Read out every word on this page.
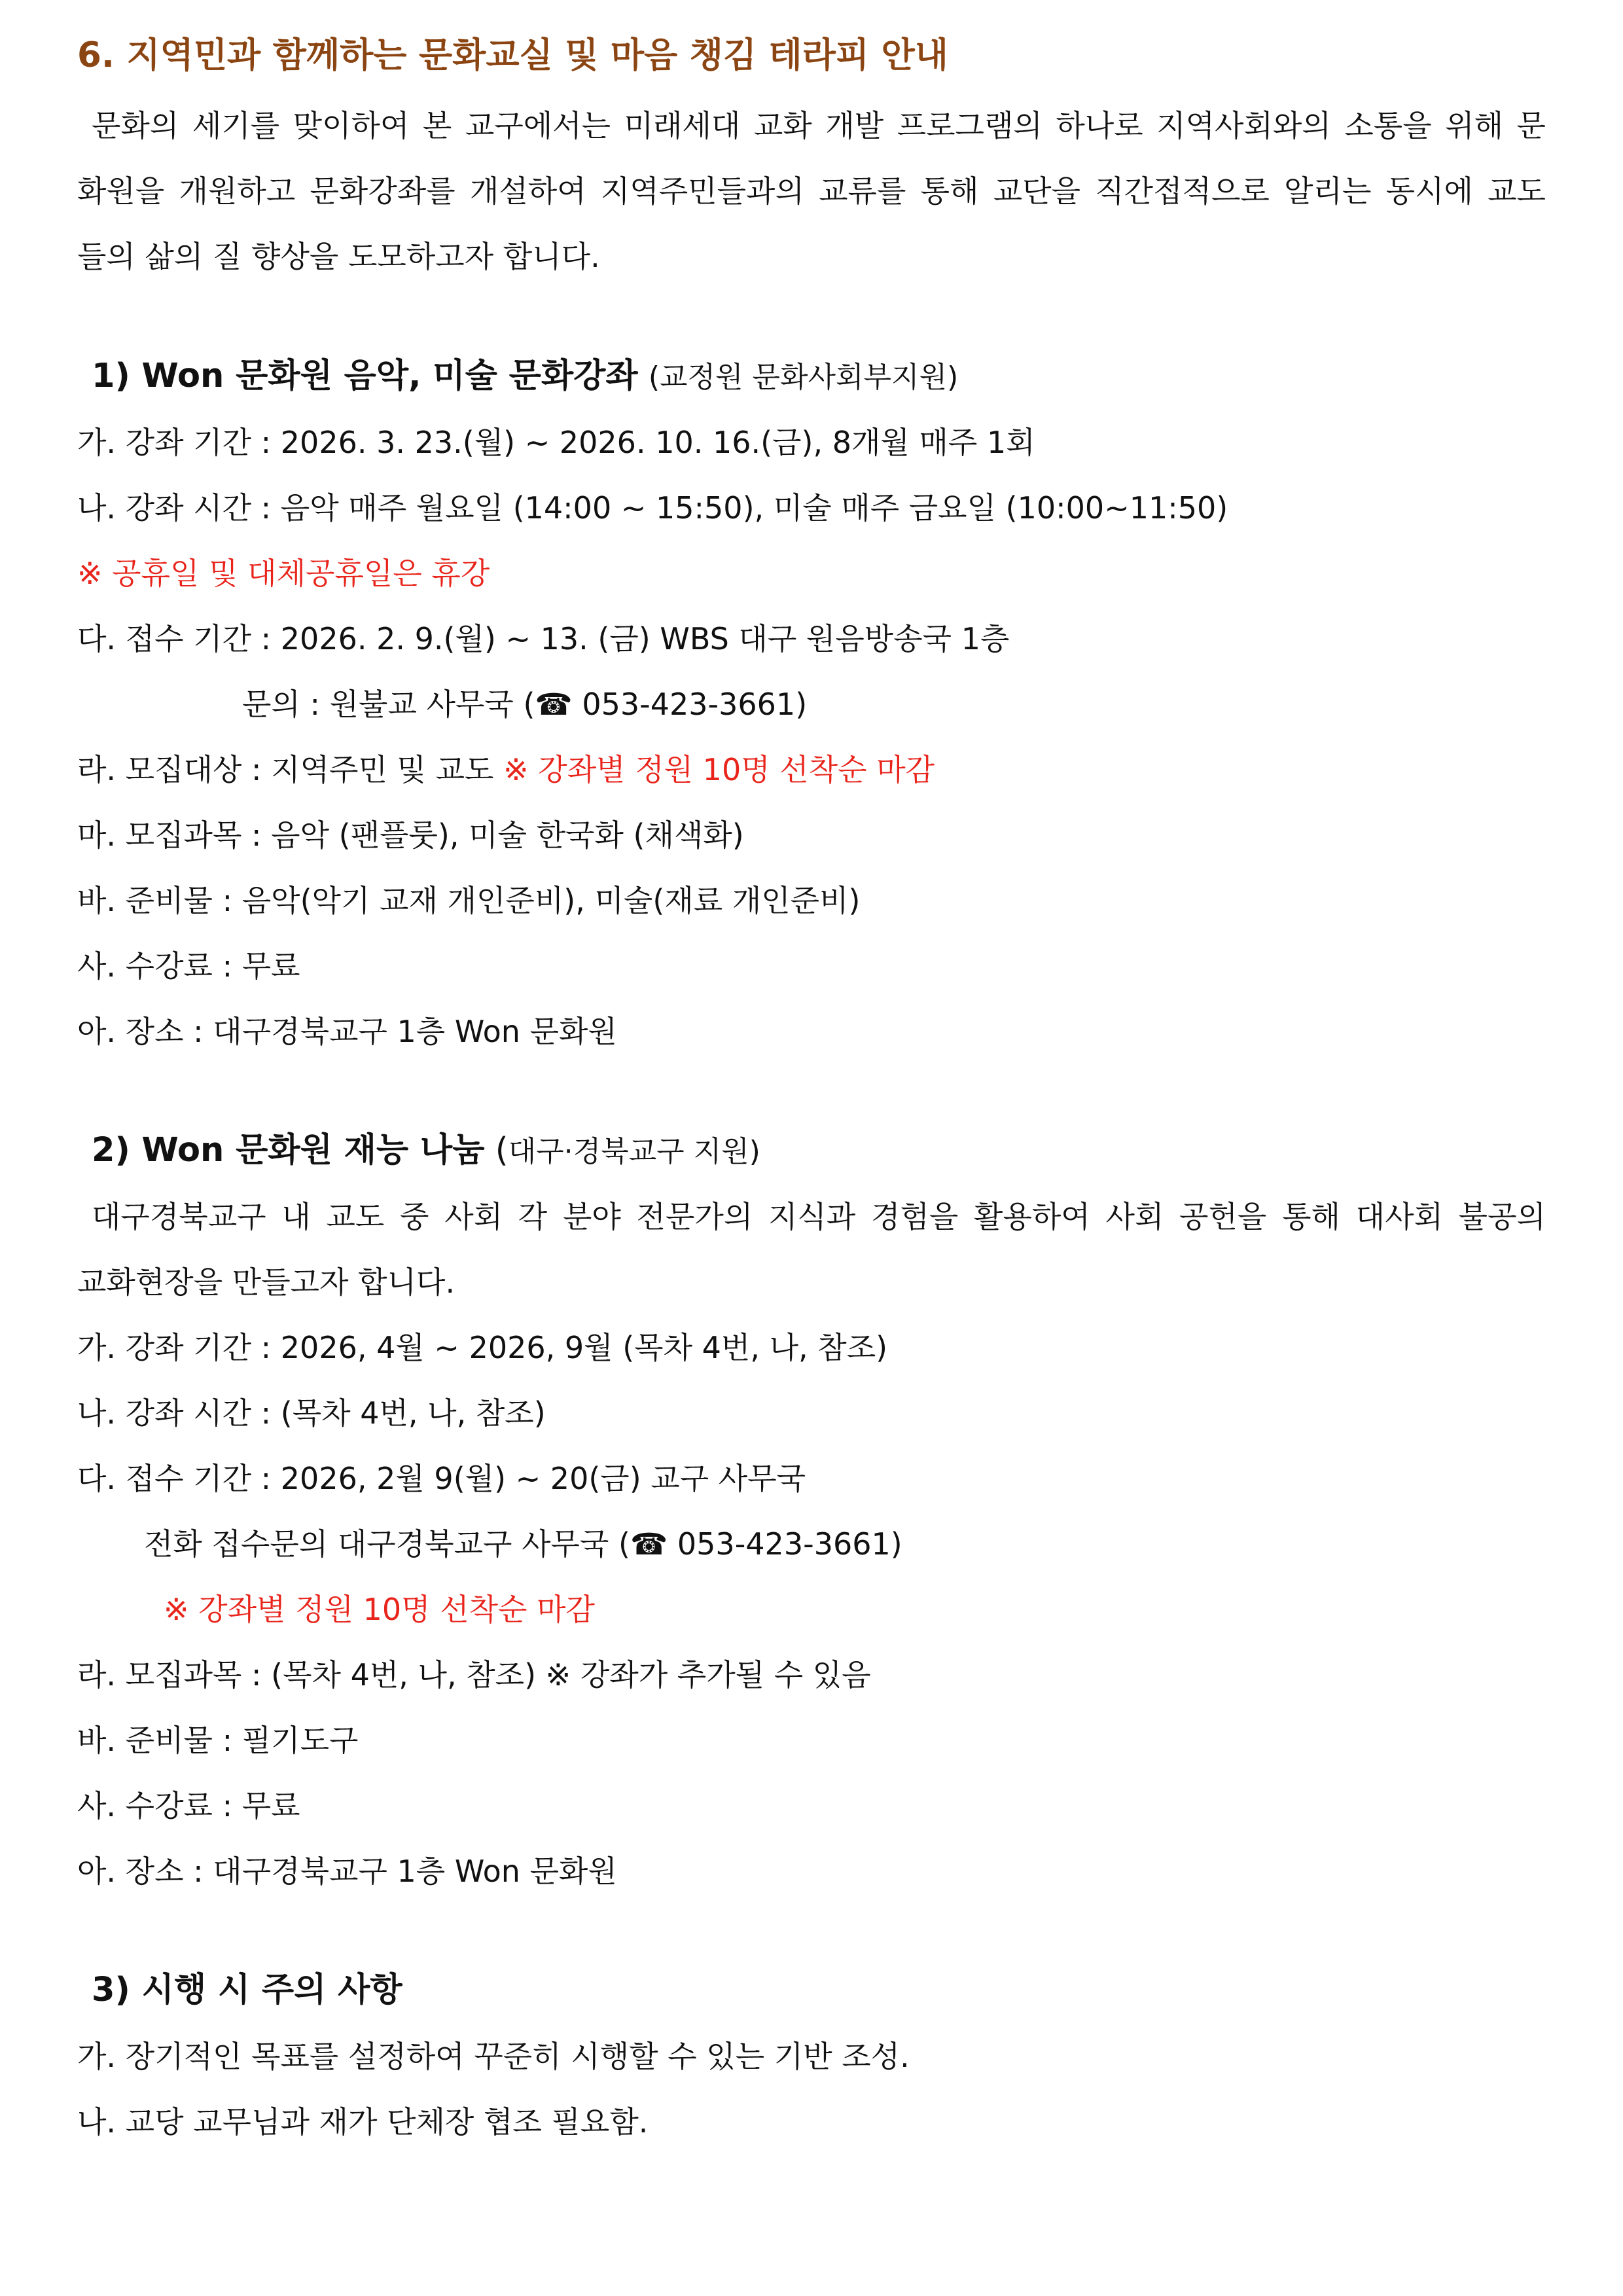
6. 지역민과 함께하는 문화교실 및 마음 챙김 테라피 안내
문화의 세기를 맞이하여 본 교구에서는 미래세대 교화 개발 프로그램의 하나로 지역사회와의 소통을 위해 문
화원을 개원하고 문화강좌를 개설하여 지역주민들과의 교류를 통해 교단을 직간접적으로 알리는 동시에 교도
들의 삶의 질 향상을 도모하고자 합니다.
1) Won 문화원 음악, 미술 문화강좌 (교정원 문화사회부지원)
가. 강좌 기간 : 2026. 3. 23.(월) ~ 2026. 10. 16.(금), 8개월 매주 1회
나. 강좌 시간 : 음악 매주 월요일 (14:00 ~ 15:50), 미술 매주 금요일 (10:00~11:50)
※ 공휴일 및 대체공휴일은 휴강
다. 접수 기간 : 2026. 2. 9.(월) ~ 13. (금) WBS 대구 원음방송국 1층
문의 : 원불교 사무국 (☎ 053-423-3661)
라. 모집대상 : 지역주민 및 교도 ※ 강좌별 정원 10명 선착순 마감
마. 모집과목 : 음악 (팬플룻), 미술 한국화 (채색화)
바. 준비물 : 음악(악기 교재 개인준비), 미술(재료 개인준비)
사. 수강료 : 무료
아. 장소 : 대구경북교구 1층 Won 문화원
2) Won 문화원 재능 나눔 (대구·경북교구 지원)
대구경북교구 내 교도 중 사회 각 분야 전문가의 지식과 경험을 활용하여 사회 공헌을 통해 대사회 불공의
교화현장을 만들고자 합니다.
가. 강좌 기간 : 2026, 4월 ~ 2026, 9월 (목차 4번, 나, 참조)
나. 강좌 시간 : (목차 4번, 나, 참조)
다. 접수 기간 : 2026, 2월 9(월) ~ 20(금) 교구 사무국
전화 접수문의 대구경북교구 사무국 (☎ 053-423-3661)
※ 강좌별 정원 10명 선착순 마감
라. 모집과목 : (목차 4번, 나, 참조) ※ 강좌가 추가될 수 있음
바. 준비물 : 필기도구
사. 수강료 : 무료
아. 장소 : 대구경북교구 1층 Won 문화원
3) 시행 시 주의 사항
가. 장기적인 목표를 설정하여 꾸준히 시행할 수 있는 기반 조성.
나. 교당 교무님과 재가 단체장 협조 필요함.
